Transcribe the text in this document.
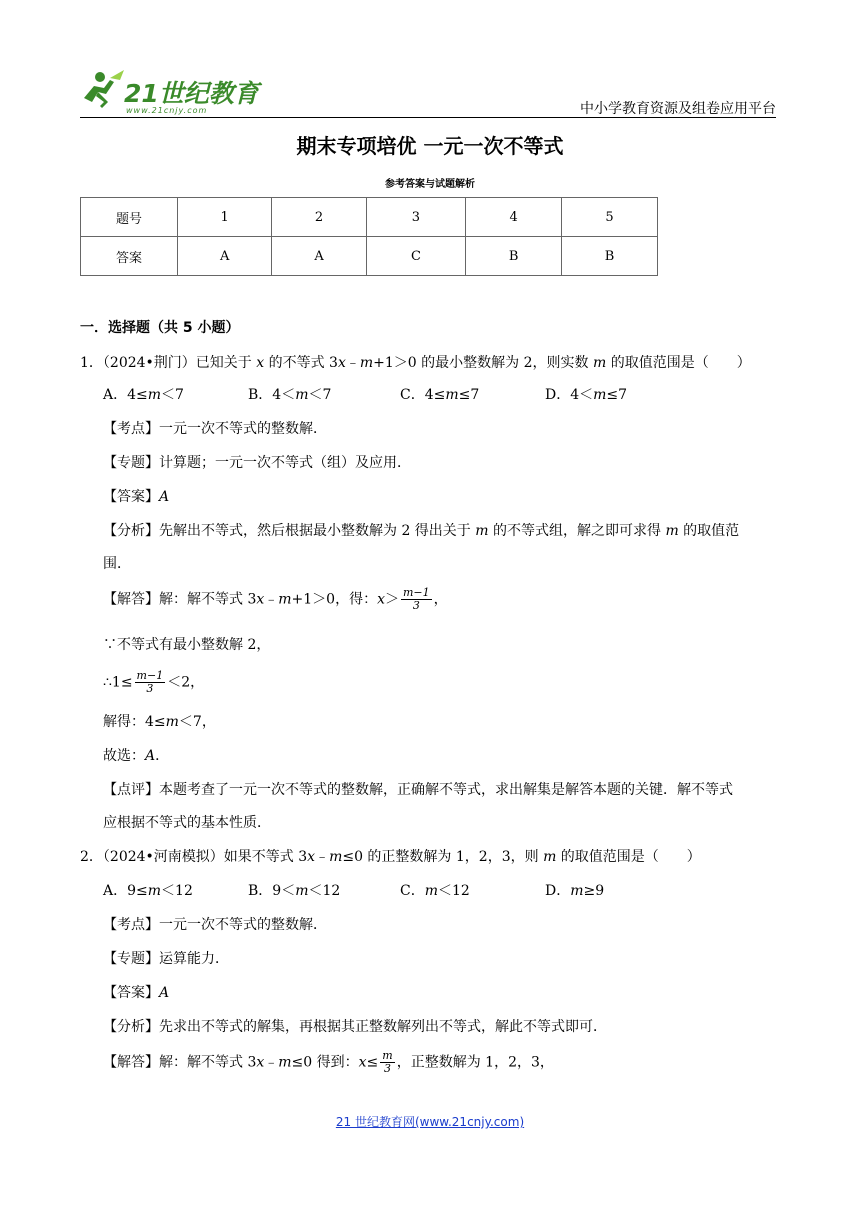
21世纪教育
www.21cnjy.com	中小学教育资源及组卷应用平台
期末专项培优 一元一次不等式
参考答案与试题解析
题号	1	2	3	4	5
答案	A	A	C	B	B
一．选择题（共 5 小题）
1．（2024•荆门）已知关于 x 的不等式 3x﹣m+1＞0 的最小整数解为 2，则实数 m 的取值范围是（　　）
A．4≤m＜7	B．4＜m＜7	C．4≤m≤7	D．4＜m≤7
【考点】一元一次不等式的整数解．
【专题】计算题；一元一次不等式（组）及应用．
【答案】A
【分析】先解出不等式，然后根据最小整数解为 2 得出关于 m 的不等式组，解之即可求得 m 的取值范
围．
【解答】解：解不等式 3x﹣m+1＞0，得：$x> \frac{m-1}{3}$ ，
∵不等式有最小整数解 2，
∴1≤ $\frac{m-1}{3} <2$，
解得：4≤m＜7，
故选：A．
【点评】本题考查了一元一次不等式的整数解，正确解不等式，求出解集是解答本题的关键．解不等式
应根据不等式的基本性质．
2．（2024•河南模拟）如果不等式 3x﹣m≤0 的正整数解为 1，2，3，则 m 的取值范围是（　　）
A．9≤m＜12	B．9＜m＜12	C．m＜12	D．m≥9
【考点】一元一次不等式的整数解．
【专题】运算能力．
【答案】A
【分析】先求出不等式的解集，再根据其正整数解列出不等式，解此不等式即可．
【解答】解：解不等式 3x﹣m≤0 得到：$x\le \frac{m}{3}$ ，正整数解为 1，2，3，
21 世纪教育网(www.21cnjy.com)
